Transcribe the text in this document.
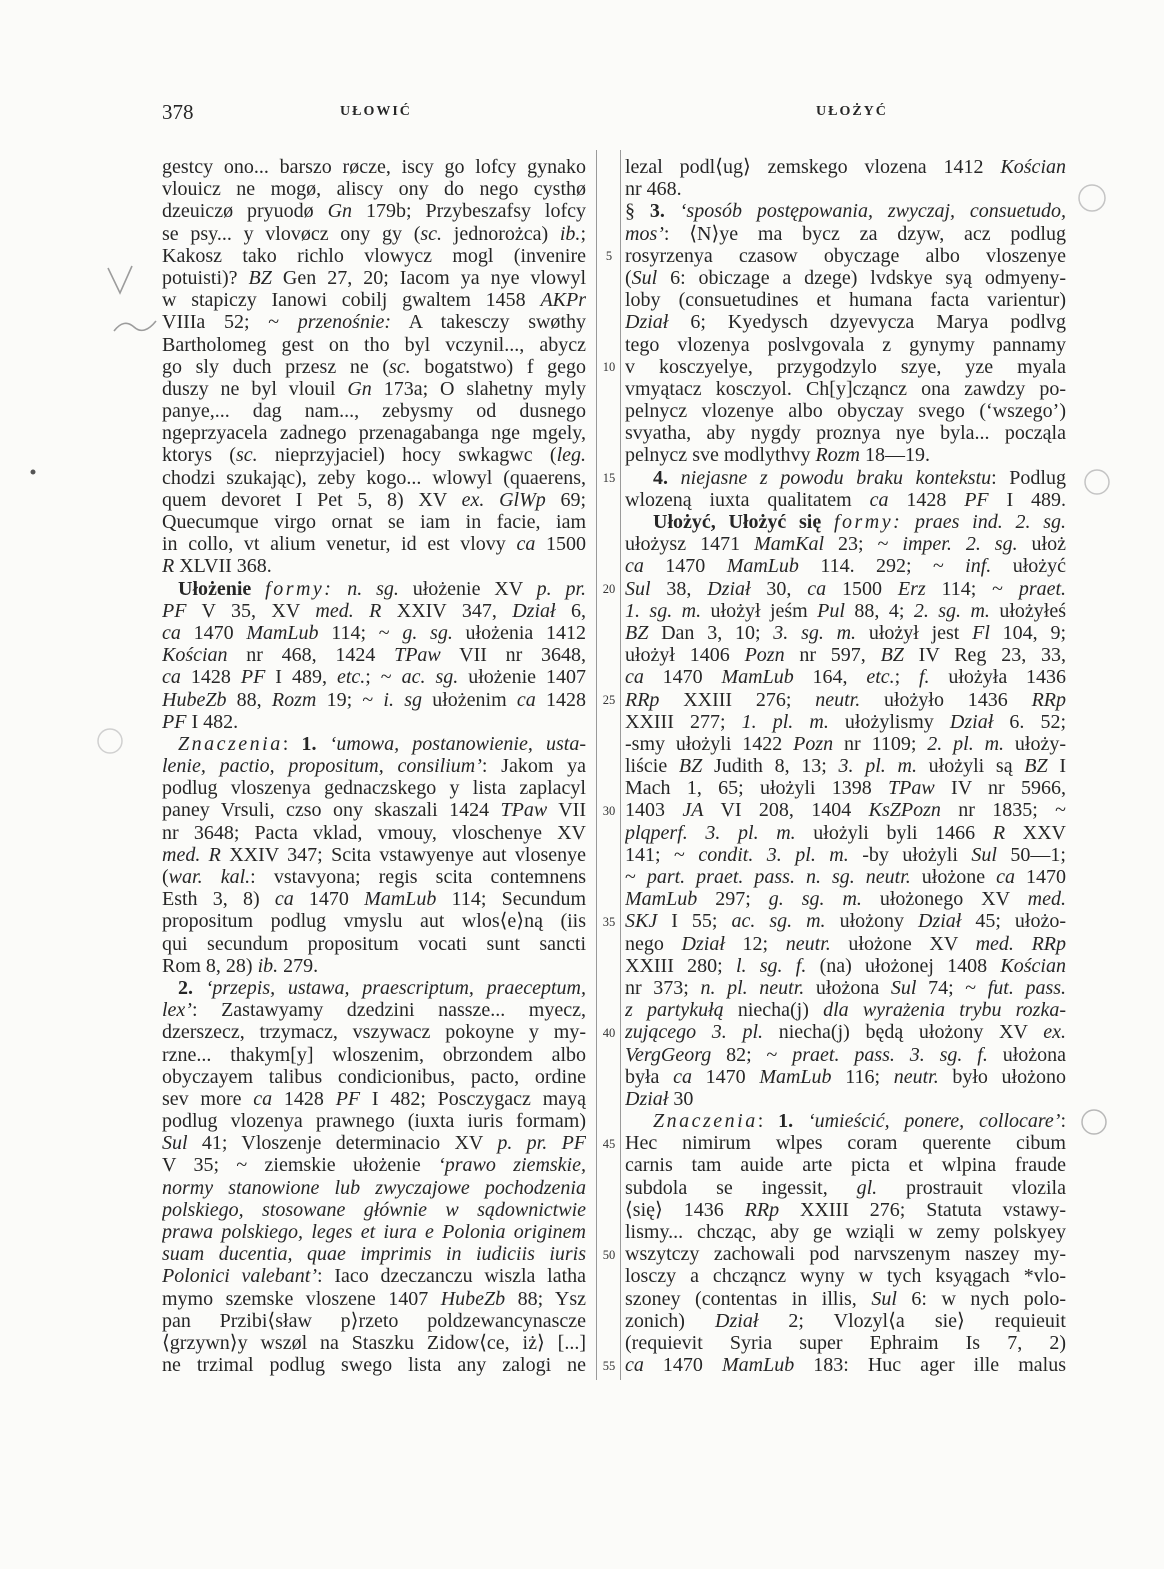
378	UŁOWIĆ	UŁOŻYĆ
gestcy ono... barszo røcze, iscy go lofcy gynako
vlouicz ne mogø, aliscy ony do nego cysthø
dzeuiczø pryuodø Gn 179b; Przybeszafsy lofcy
se psy... y vlovøcz ony gy (sc. jednorożca) ib.;
Kakosz tako richlo vlowycz mogl (invenire
potuisti)? BZ Gen 27, 20; Iacom ya nye vlowyl
w stapiczy Ianowi cobilj gwaltem 1458 AKPr
VIIIa 52; ~ przenośnie: A takesczy swøthy
Bartholomeg gest on tho byl vczynil..., abycz
go sly duch przesz ne (sc. bogatstwo) f gego
duszy ne byl vlouil Gn 173a; O slahetny myly
panye,... dag nam..., zebysmy od dusnego
ngeprzyacela zadnego przenagabanga nge mgely,
ktorys (sc. nieprzyjaciel) hocy swkagwc (leg.
chodzi szukając), zeby kogo... wlowyl (quaerens,
quem devoret I Pet 5, 8) XV ex. GlWp 69;
Quecumque virgo ornat se iam in facie, iam
in collo, vt alium venetur, id est vlovy ca 1500
R XLVII 368.
Ułożenie formy: n. sg. ułożenie XV p. pr.
PF V 35, XV med. R XXIV 347, Dział 6,
ca 1470 MamLub 114; ~ g. sg. ułożenia 1412
Kościan nr 468, 1424 TPaw VII nr 3648,
ca 1428 PF I 489, etc.; ~ ac. sg. ułożenie 1407
HubeZb 88, Rozm 19; ~ i. sg ułożenim ca 1428
PF I 482.
Znaczenia: 1. ‘umowa, postanowienie, usta-
lenie, pactio, propositum, consilium’: Jakom ya
podlug vloszenya gednaczskego y lista zaplacyl
paney Vrsuli, czso ony skaszali 1424 TPaw VII
nr 3648; Pacta vklad, vmouy, vloschenye XV
med. R XXIV 347; Scita vstawyenye aut vlosenye
(war. kal.: vstavyona; regis scita contemnens
Esth 3, 8) ca 1470 MamLub 114; Secundum
propositum podlug vmyslu aut wlos⟨e⟩ną (iis
qui secundum propositum vocati sunt sancti
Rom 8, 28) ib. 279.
2. ‘przepis, ustawa, praescriptum, praeceptum,
lex’: Zastawyamy dzedzini nassze... myecz,
dzerszecz, trzymacz, vszywacz pokoyne y my-
rzne... thakym[y] wloszenim, obrzondem albo
obyczayem talibus condicionibus, pacto, ordine
sev more ca 1428 PF I 482; Posczygacz mayą
podlug vlozenya prawnego (iuxta iuris formam)
Sul 41; Vloszenje determinacio XV p. pr. PF
V 35; ~ ziemskie ułożenie ‘prawo ziemskie,
normy stanowione lub zwyczajowe pochodzenia
polskiego, stosowane głównie w sądownictwie
prawa polskiego, leges et iura e Polonia originem
suam ducentia, quae imprimis in iudiciis iuris
Polonici valebant’: Iaco dzeczanczu wiszla latha
mymo szemske vloszene 1407 HubeZb 88; Ysz
pan Przibi⟨sław p⟩rzeto poldzewancynascze
⟨grzywn⟩y wszøl na Staszku Zidow⟨ce, iż⟩ [...]
ne trzimal podlug swego lista any zalogi ne
5
10
15
20
25
30
35
40
45
50
55
lezal podl⟨ug⟩ zemskego vlozena 1412 Kościan
nr 468.
§ 3. ‘sposób postępowania, zwyczaj, consuetudo,
mos’: ⟨N⟩ye ma bycz za dzyw, acz podlug
rosyrzenya czasow obyczage albo vloszenye
(Sul 6: obiczage a dzege) lvdskye syą odmyeny-
loby (consuetudines et humana facta varientur)
Dział 6; Kyedysch dzyevycza Marya podlvg
tego vlozenya poslvgovala z gynymy pannamy
v kosczyelye, przygodzylo szye, yze myala
vmyątacz kosczyol. Ch[y]cząncz ona zawdzy po-
pelnycz vlozenye albo obyczay svego (‘wszego’)
svyatha, aby nygdy proznya nye byla... począla
pelnycz sve modlythvy Rozm 18—19.
4. niejasne z powodu braku kontekstu: Podlug
wlozeną iuxta qualitatem ca 1428 PF I 489.
Ułożyć, Ułożyć się formy: praes ind. 2. sg.
ułożysz 1471 MamKal 23; ~ imper. 2. sg. ułoż
ca 1470 MamLub 114. 292; ~ inf. ułożyć
Sul 38, Dział 30, ca 1500 Erz 114; ~ praet.
1. sg. m. ułożył jeśm Pul 88, 4; 2. sg. m. ułożyłeś
BZ Dan 3, 10; 3. sg. m. ułożył jest Fl 104, 9;
ułożył 1406 Pozn nr 597, BZ IV Reg 23, 33,
ca 1470 MamLub 164, etc.; f. ułożyła 1436
RRp XXIII 276; neutr. ułożyło 1436 RRp
XXIII 277; 1. pl. m. ułożylismy Dział 6. 52;
-smy ułożyli 1422 Pozn nr 1109; 2. pl. m. ułoży-
liście BZ Judith 8, 13; 3. pl. m. ułożyli są BZ I
Mach 1, 65; ułożyli 1398 TPaw IV nr 5966,
1403 JA VI 208, 1404 KsZPozn nr 1835; ~
plqperf. 3. pl. m. ułożyli byli 1466 R XXV
141; ~ condit. 3. pl. m. -by ułożyli Sul 50—1;
~ part. praet. pass. n. sg. neutr. ułożone ca 1470
MamLub 297; g. sg. m. ułożonego XV med.
SKJ I 55; ac. sg. m. ułożony Dział 45; ułożo-
nego Dział 12; neutr. ułożone XV med. RRp
XXIII 280; l. sg. f. (na) ułożonej 1408 Kościan
nr 373; n. pl. neutr. ułożona Sul 74; ~ fut. pass.
z partykułą niecha(j) dla wyrażenia trybu rozka-
zującego 3. pl. niecha(j) będą ułożony XV ex.
VergGeorg 82; ~ praet. pass. 3. sg. f. ułożona
była ca 1470 MamLub 116; neutr. było ułożono
Dział 30
Znaczenia: 1. ‘umieścić, ponere, collocare’:
Hec nimirum wlpes coram querente cibum
carnis tam auide arte picta et wlpina fraude
subdola se ingessit, gl. prostrauit vlozila
⟨się⟩ 1436 RRp XXIII 276; Statuta vstawy-
lismy... chcząc, aby ge wziąli w zemy polskyey
wszytczy zachowali pod narvszenym naszey my-
losczy a chcząncz wyny w tych ksyągach *vlo-
szoney (contentas in illis, Sul 6: w nych polo-
zonich) Dział 2; Vlozyl⟨a sie⟩ requieuit
(requievit Syria super Ephraim Is 7, 2)
ca 1470 MamLub 183: Huc ager ille malus
